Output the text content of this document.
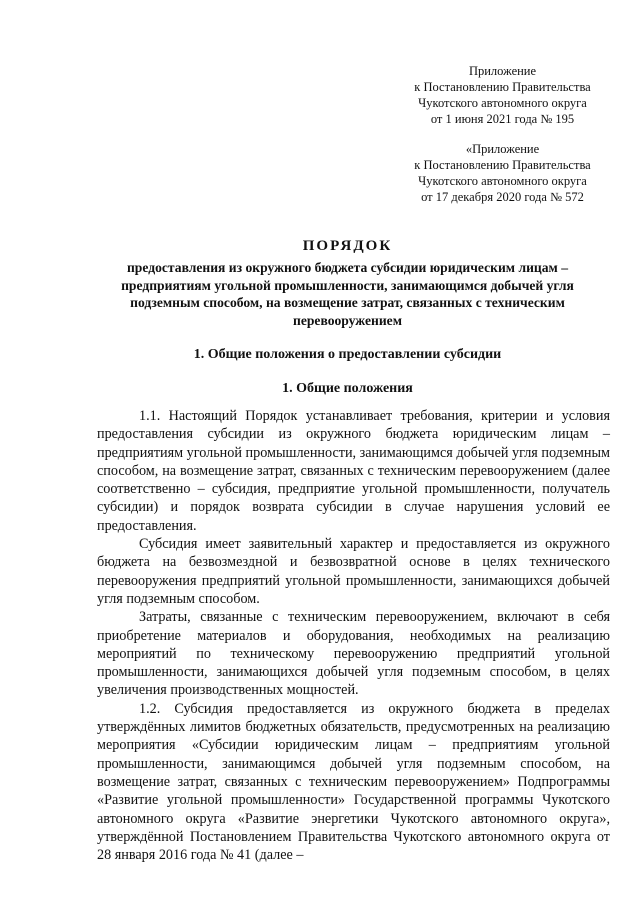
Приложение
к Постановлению Правительства
Чукотского автономного округа
от 1 июня 2021 года № 195
«Приложение
к Постановлению Правительства
Чукотского автономного округа
от 17 декабря 2020 года № 572
ПОРЯДОК
предоставления из окружного бюджета субсидии юридическим лицам – предприятиям угольной промышленности, занимающимся добычей угля подземным способом, на возмещение затрат, связанных с техническим перевооружением
1. Общие положения о предоставлении субсидии
1. Общие положения

1.1. Настоящий Порядок устанавливает требования, критерии и условия предоставления субсидии из окружного бюджета юридическим лицам – предприятиям угольной промышленности, занимающимся добычей угля подземным способом, на возмещение затрат, связанных с техническим перевооружением (далее соответственно – субсидия, предприятие угольной промышленности, получатель субсидии) и порядок возврата субсидии в случае нарушения условий ее предоставления.

Субсидия имеет заявительный характер и предоставляется из окружного бюджета на безвозмездной и безвозвратной основе в целях технического перевооружения предприятий угольной промышленности, занимающихся добычей угля подземным способом.

Затраты, связанные с техническим перевооружением, включают в себя приобретение материалов и оборудования, необходимых на реализацию мероприятий по техническому перевооружению предприятий угольной промышленности, занимающихся добычей угля подземным способом, в целях увеличения производственных мощностей.

1.2. Субсидия предоставляется из окружного бюджета в пределах утверждённых лимитов бюджетных обязательств, предусмотренных на реализацию мероприятия «Субсидии юридическим лицам – предприятиям угольной промышленности, занимающимся добычей угля подземным способом, на возмещение затрат, связанных с техническим перевооружением» Подпрограммы «Развитие угольной промышленности» Государственной программы Чукотского автономного округа «Развитие энергетики Чукотского автономного округа», утверждённой Постановлением Правительства Чукотского автономного округа от 28 января 2016 года № 41 (далее –
